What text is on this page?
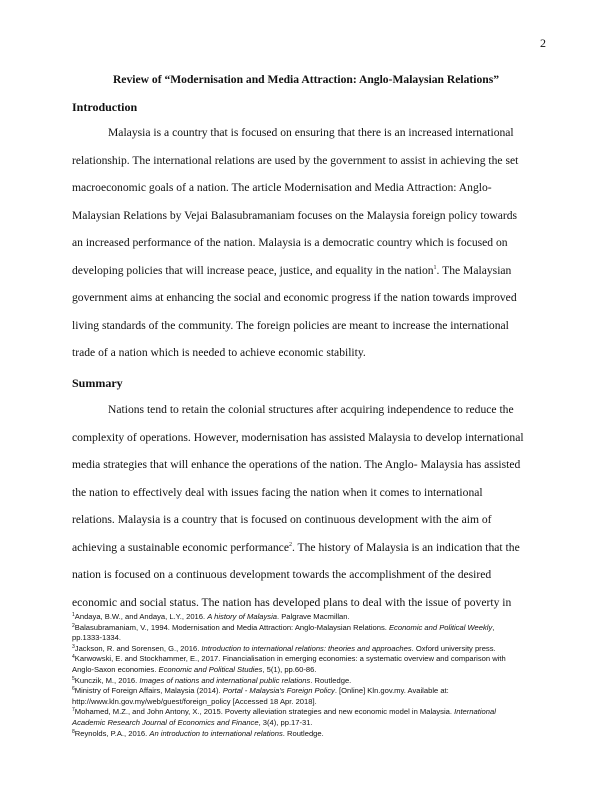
2
Review of “Modernisation and Media Attraction: Anglo-Malaysian Relations”
Introduction
Malaysia is a country that is focused on ensuring that there is an increased international
relationship. The international relations are used by the government to assist in achieving the set
macroeconomic goals of a nation. The article Modernisation and Media Attraction: Anglo-
Malaysian Relations by Vejai Balasubramaniam focuses on the Malaysia foreign policy towards
an increased performance of the nation. Malaysia is a democratic country which is focused on
developing policies that will increase peace, justice, and equality in the nation$^1$. The Malaysian
government aims at enhancing the social and economic progress if the nation towards improved
living standards of the community. The foreign policies are meant to increase the international
trade of a nation which is needed to achieve economic stability.
Summary
Nations tend to retain the colonial structures after acquiring independence to reduce the
complexity of operations. However, modernisation has assisted Malaysia to develop international
media strategies that will enhance the operations of the nation. The Anglo- Malaysia has assisted
the nation to effectively deal with issues facing the nation when it comes to international
relations. Malaysia is a country that is focused on continuous development with the aim of
achieving a sustainable economic performance$^2$. The history of Malaysia is an indication that the
nation is focused on a continuous development towards the accomplishment of the desired
economic and social status. The nation has developed plans to deal with the issue of poverty in
$^1$Andaya, B.W., and Andaya, L.Y., 2016. A history of Malaysia. Palgrave Macmillan.
$^2$Balasubramaniam, V., 1994. Modernisation and Media Attraction: Anglo-Malaysian Relations. Economic and Political Weekly,
pp.1333-1334.
$^3$Jackson, R. and Sorensen, G., 2016. Introduction to international relations: theories and approaches. Oxford university press.
$^4$Karwowski, E. and Stockhammer, E., 2017. Financialisation in emerging economies: a systematic overview and comparison with
Anglo-Saxon economies. Economic and Political Studies, 5(1), pp.60-86.
$^5$Kunczik, M., 2016. Images of nations and international public relations. Routledge.
$^6$Ministry of Foreign Affairs, Malaysia (2014). Portal - Malaysia's Foreign Policy. [Online] Kln.gov.my. Available at:
http://www.kln.gov.my/web/guest/foreign_policy [Accessed 18 Apr. 2018].
$^7$Mohamed, M.Z., and John Antony, X., 2015. Poverty alleviation strategies and new economic model in Malaysia. International
Academic Research Journal of Economics and Finance, 3(4), pp.17-31.
$^8$Reynolds, P.A., 2016. An introduction to international relations. Routledge.
